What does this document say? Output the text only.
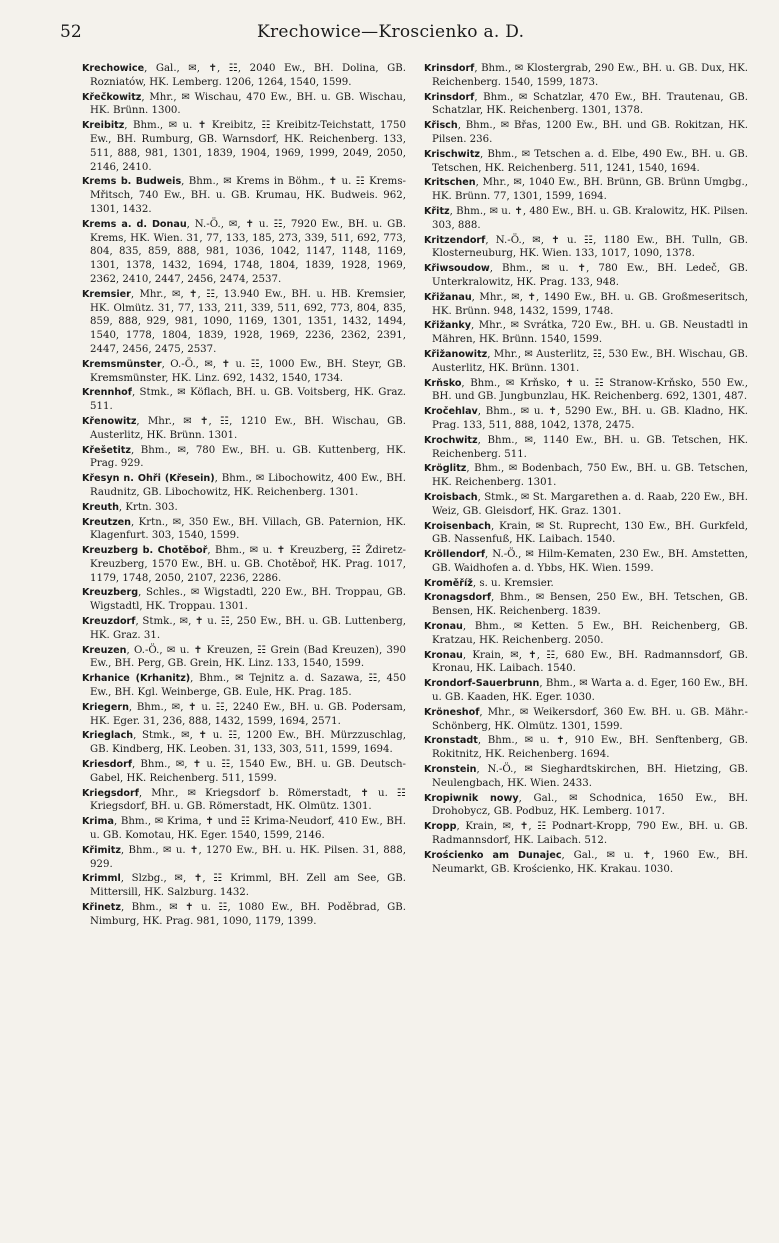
52	Krechowice—Kroscienko a. D.

Krechowice, Gal., ✉, ✝, ☷, 2040 Ew., BH. Dolina, GB. Rozniatów, HK. Lemberg. 1206, 1264, 1540, 1599.

Křečkowitz, Mhr., ✉ Wischau, 470 Ew., BH. u. GB. Wischau, HK. Brünn. 1300.

Kreibitz, Bhm., ✉ u. ✝ Kreibitz, ☷ Kreibitz-Teichstatt, 1750 Ew., BH. Rumburg, GB. Warnsdorf, HK. Reichenberg. 133, 511, 888, 981, 1301, 1839, 1904, 1969, 1999, 2049, 2050, 2146, 2410.

Krems b. Budweis, Bhm., ✉ Krems in Böhm., ✝ u. ☷ Krems-Mřitsch, 740 Ew., BH. u. GB. Krumau, HK. Budweis. 962, 1301, 1432.

Krems a. d. Donau, N.-Ö., ✉, ✝ u. ☷, 7920 Ew., BH. u. GB. Krems, HK. Wien. 31, 77, 133, 185, 273, 339, 511, 692, 773, 804, 835, 859, 888, 981, 1036, 1042, 1147, 1148, 1169, 1301, 1378, 1432, 1694, 1748, 1804, 1839, 1928, 1969, 2362, 2410, 2447, 2456, 2474, 2537.

Kremsier, Mhr., ✉, ✝, ☷, 13.940 Ew., BH. u. HB. Kremsier, HK. Olmütz. 31, 77, 133, 211, 339, 511, 692, 773, 804, 835, 859, 888, 929, 981, 1090, 1169, 1301, 1351, 1432, 1494, 1540, 1778, 1804, 1839, 1928, 1969, 2236, 2362, 2391, 2447, 2456, 2475, 2537.

Kremsmünster, O.-Ö., ✉, ✝ u. ☷, 1000 Ew., BH. Steyr, GB. Kremsmünster, HK. Linz. 692, 1432, 1540, 1734.

Krennhof, Stmk., ✉ Köflach, BH. u. GB. Voitsberg, HK. Graz. 511.

Křenowitz, Mhr., ✉ ✝, ☷, 1210 Ew., BH. Wischau, GB. Austerlitz, HK. Brünn. 1301.

Křešetitz, Bhm., ✉, 780 Ew., BH. u. GB. Kuttenberg, HK. Prag. 929.

Křesyn n. Ohři (Křesein), Bhm., ✉ Libochowitz, 400 Ew., BH. Raudnitz, GB. Libochowitz, HK. Reichenberg. 1301.

Kreuth, Krtn. 303.

Kreutzen, Krtn., ✉, 350 Ew., BH. Villach, GB. Paternion, HK. Klagenfurt. 303, 1540, 1599.

Kreuzberg b. Chotěboř, Bhm., ✉ u. ✝ Kreuzberg, ☷ Ždiretz-Kreuzberg, 1570 Ew., BH. u. GB. Chotěboř, HK. Prag. 1017, 1179, 1748, 2050, 2107, 2236, 2286.

Kreuzberg, Schles., ✉ Wigstadtl, 220 Ew., BH. Troppau, GB. Wigstadtl, HK. Troppau. 1301.

Kreuzdorf, Stmk., ✉, ✝ u. ☷, 250 Ew., BH. u. GB. Luttenberg, HK. Graz. 31.

Kreuzen, O.-Ö., ✉ u. ✝ Kreuzen, ☷ Grein (Bad Kreuzen), 390 Ew., BH. Perg, GB. Grein, HK. Linz. 133, 1540, 1599.

Krhanice (Krhanitz), Bhm., ✉ Tejnitz a. d. Sazawa, ☷, 450 Ew., BH. Kgl. Weinberge, GB. Eule, HK. Prag. 185.

Kriegern, Bhm., ✉, ✝ u. ☷, 2240 Ew., BH. u. GB. Podersam, HK. Eger. 31, 236, 888, 1432, 1599, 1694, 2571.

Krieglach, Stmk., ✉, ✝ u. ☷, 1200 Ew., BH. Mürzzuschlag, GB. Kindberg, HK. Leoben. 31, 133, 303, 511, 1599, 1694.

Kriesdorf, Bhm., ✉, ✝ u. ☷, 1540 Ew., BH. u. GB. Deutsch-Gabel, HK. Reichenberg. 511, 1599.

Kriegsdorf, Mhr., ✉ Kriegsdorf b. Römerstadt, ✝ u. ☷ Kriegsdorf, BH. u. GB. Römerstadt, HK. Olmütz. 1301.

Krima, Bhm., ✉ Krima, ✝ und ☷ Krima-Neudorf, 410 Ew., BH. u. GB. Komotau, HK. Eger. 1540, 1599, 2146.

Křimitz, Bhm., ✉ u. ✝, 1270 Ew., BH. u. HK. Pilsen. 31, 888, 929.

Krimml, Slzbg., ✉, ✝, ☷ Krimml, BH. Zell am See, GB. Mittersill, HK. Salzburg. 1432.

Křinetz, Bhm., ✉ ✝ u. ☷, 1080 Ew., BH. Poděbrad, GB. Nimburg, HK. Prag. 981, 1090, 1179, 1399.

Krinsdorf, Bhm., ✉ Klostergrab, 290 Ew., BH. u. GB. Dux, HK. Reichenberg. 1540, 1599, 1873.

Krinsdorf, Bhm., ✉ Schatzlar, 470 Ew., BH. Trautenau, GB. Schatzlar, HK. Reichenberg. 1301, 1378.

Křisch, Bhm., ✉ Břas, 1200 Ew., BH. und GB. Rokitzan, HK. Pilsen. 236.

Krischwitz, Bhm., ✉ Tetschen a. d. Elbe, 490 Ew., BH. u. GB. Tetschen, HK. Reichenberg. 511, 1241, 1540, 1694.

Kritschen, Mhr., ✉, 1040 Ew., BH. Brünn, GB. Brünn Umgbg., HK. Brünn. 77, 1301, 1599, 1694.

Křitz, Bhm., ✉ u. ✝, 480 Ew., BH. u. GB. Kralowitz, HK. Pilsen. 303, 888.

Kritzendorf, N.-Ö., ✉, ✝ u. ☷, 1180 Ew., BH. Tulln, GB. Klosterneuburg, HK. Wien. 133, 1017, 1090, 1378.

Křiwsoudow, Bhm., ✉ u. ✝, 780 Ew., BH. Ledeč, GB. Unterkralowitz, HK. Prag. 133, 948.

Křižanau, Mhr., ✉, ✝, 1490 Ew., BH. u. GB. Großmeseritsch, HK. Brünn. 948, 1432, 1599, 1748.

Křižanky, Mhr., ✉ Svrátka, 720 Ew., BH. u. GB. Neustadtl in Mähren, HK. Brünn. 1540, 1599.

Křižanowitz, Mhr., ✉ Austerlitz, ☷, 530 Ew., BH. Wischau, GB. Austerlitz, HK. Brünn. 1301.

Krňsko, Bhm., ✉ Krňsko, ✝ u. ☷ Stranow-Krňsko, 550 Ew., BH. und GB. Jungbunzlau, HK. Reichenberg. 692, 1301, 487.

Kročehlav, Bhm., ✉ u. ✝, 5290 Ew., BH. u. GB. Kladno, HK. Prag. 133, 511, 888, 1042, 1378, 2475.

Krochwitz, Bhm., ✉, 1140 Ew., BH. u. GB. Tetschen, HK. Reichenberg. 511.

Kröglitz, Bhm., ✉ Bodenbach, 750 Ew., BH. u. GB. Tetschen, HK. Reichenberg. 1301.

Kroisbach, Stmk., ✉ St. Margarethen a. d. Raab, 220 Ew., BH. Weiz, GB. Gleisdorf, HK. Graz. 1301.

Kroisenbach, Krain, ✉ St. Ruprecht, 130 Ew., BH. Gurkfeld, GB. Nassenfuß, HK. Laibach. 1540.

Kröllendorf, N.-Ö., ✉ Hilm-Kematen, 230 Ew., BH. Amstetten, GB. Waidhofen a. d. Ybbs, HK. Wien. 1599.

Kroměříž, s. u. Kremsier.

Kronagsdorf, Bhm., ✉ Bensen, 250 Ew., BH. Tetschen, GB. Bensen, HK. Reichenberg. 1839.

Kronau, Bhm., ✉ Ketten. 5 Ew., BH. Reichenberg, GB. Kratzau, HK. Reichenberg. 2050.

Kronau, Krain, ✉, ✝, ☷, 680 Ew., BH. Radmannsdorf, GB. Kronau, HK. Laibach. 1540.

Krondorf-Sauerbrunn, Bhm., ✉ Warta a. d. Eger, 160 Ew., BH. u. GB. Kaaden, HK. Eger. 1030.

Kröneshof, Mhr., ✉ Weikersdorf, 360 Ew. BH. u. GB. Mähr.-Schönberg, HK. Olmütz. 1301, 1599.

Kronstadt, Bhm., ✉ u. ✝, 910 Ew., BH. Senftenberg, GB. Rokitnitz, HK. Reichenberg. 1694.

Kronstein, N.-Ö., ✉ Sieghardtskirchen, BH. Hietzing, GB. Neulengbach, HK. Wien. 2433.

Kropiwnik nowy, Gal., ✉ Schodnica, 1650 Ew., BH. Drohobycz, GB. Podbuz, HK. Lemberg. 1017.

Kropp, Krain, ✉, ✝, ☷ Podnart-Kropp, 790 Ew., BH. u. GB. Radmannsdorf, HK. Laibach. 512.

Krościenko am Dunajec, Gal., ✉ u. ✝, 1960 Ew., BH. Neumarkt, GB. Krościenko, HK. Krakau. 1030.
